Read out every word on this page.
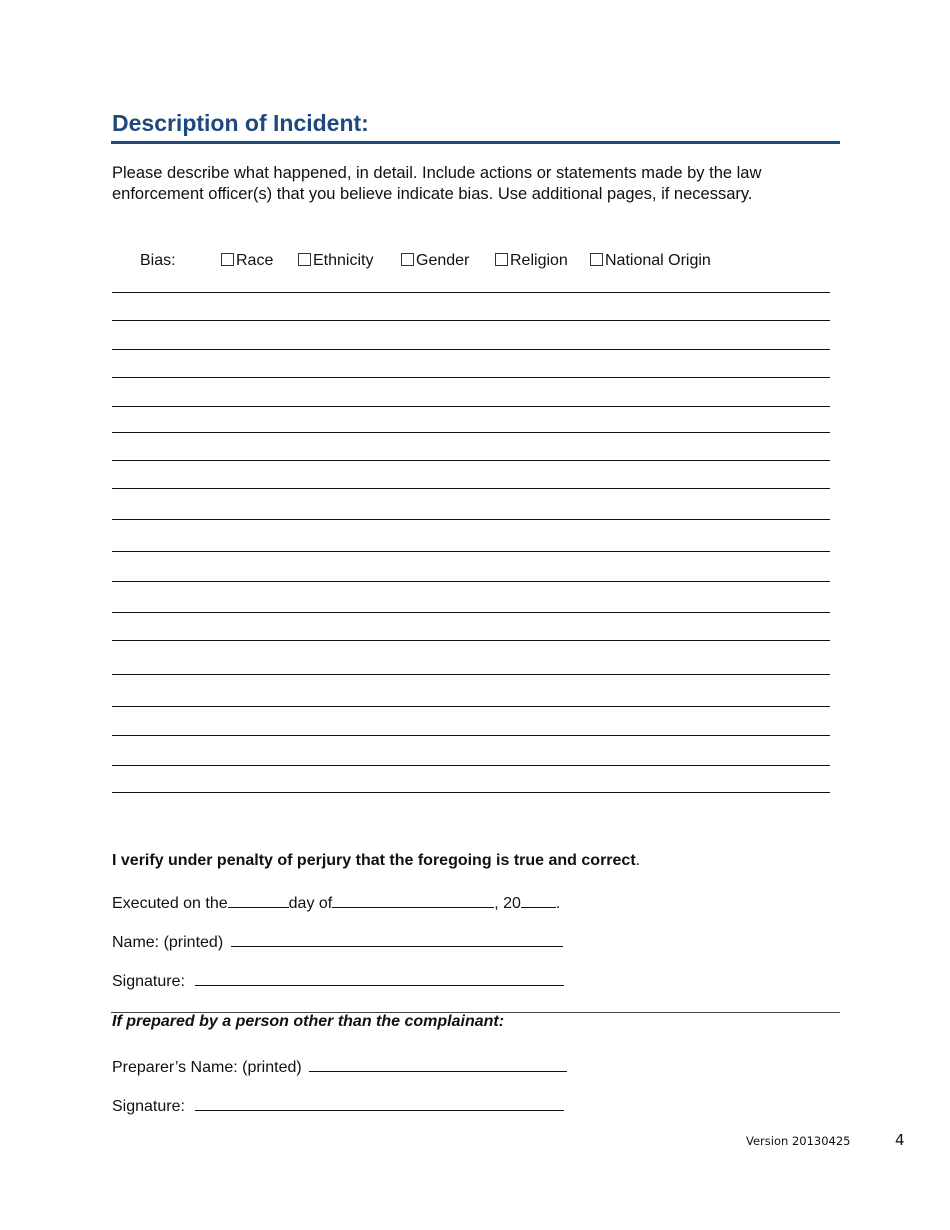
Description of Incident:
Please describe what happened, in detail. Include actions or statements made by the law enforcement officer(s) that you believe indicate bias. Use additional pages, if necessary.
Bias:	Race	Ethnicity	Gender	Religion	National Origin
I verify under penalty of perjury that the foregoing is true and correct.
Executed on the	day of	, 20 .
Name: (printed)
Signature:
If prepared by a person other than the complainant:
Preparer’s Name: (printed)
Signature:
Version 20130425	4
